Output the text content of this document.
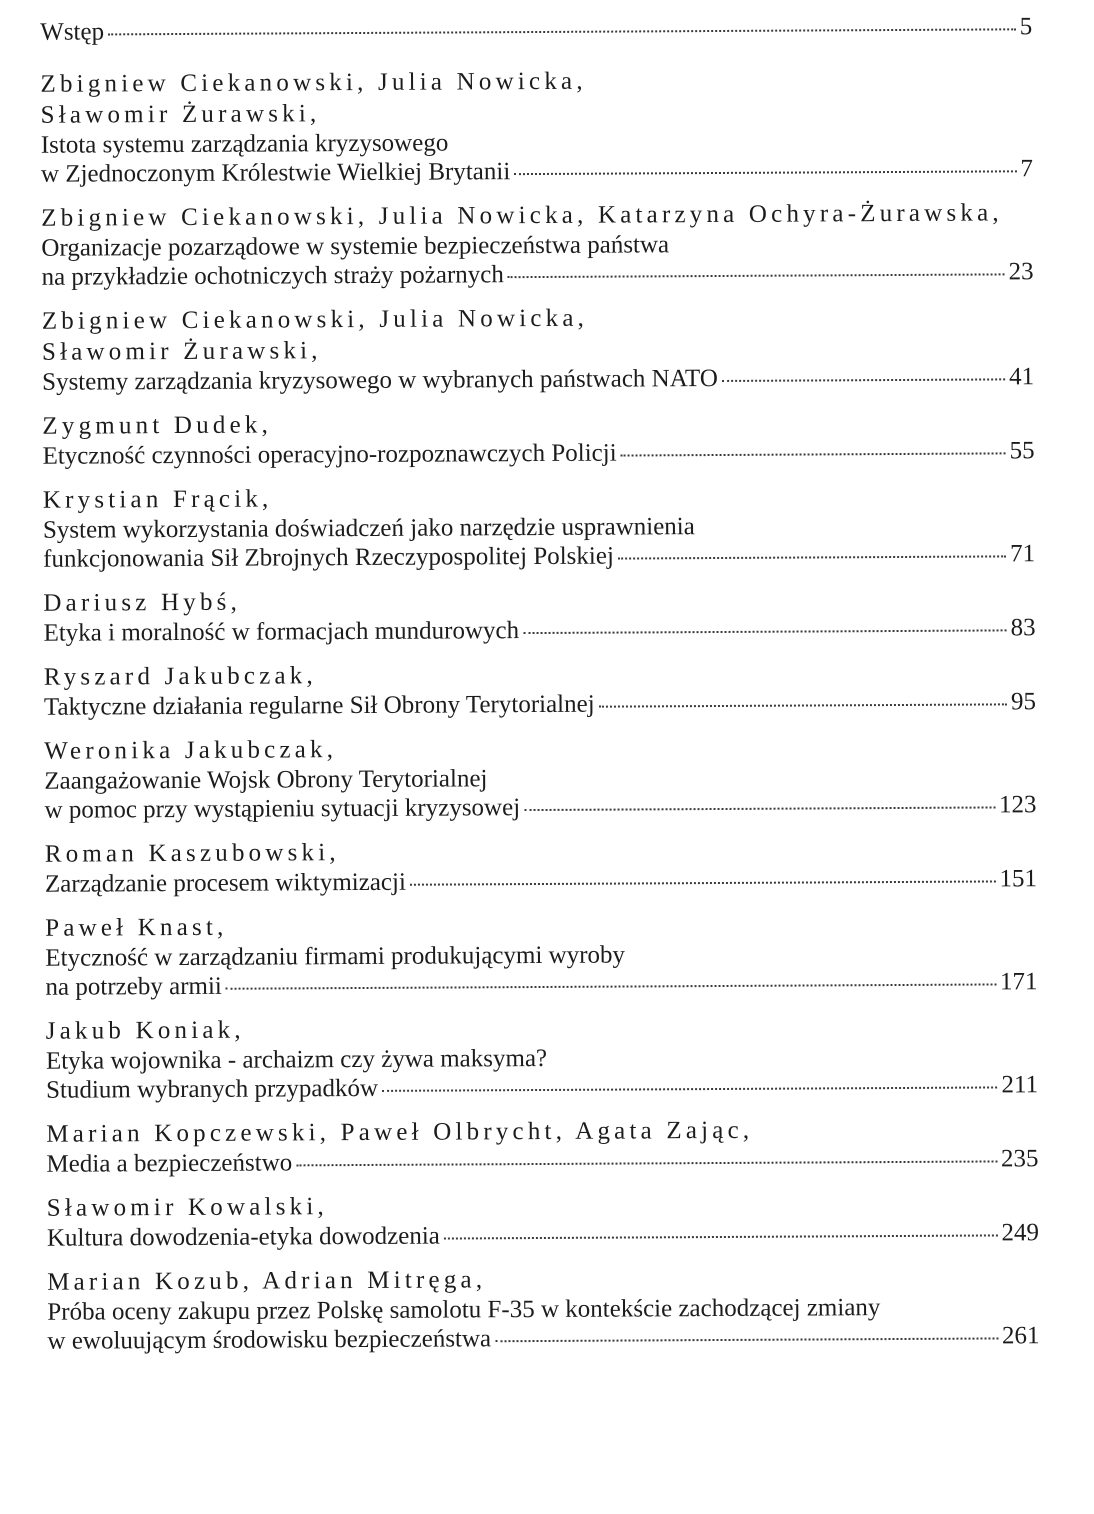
Wstęp	5
Zbigniew Ciekanowski, Julia Nowicka,
Sławomir Żurawski,
Istota systemu zarządzania kryzysowego
w Zjednoczonym Królestwie Wielkiej Brytanii	7
Zbigniew Ciekanowski, Julia Nowicka, Katarzyna Ochyra-Żurawska,
Organizacje pozarządowe w systemie bezpieczeństwa państwa
na przykładzie ochotniczych straży pożarnych	23
Zbigniew Ciekanowski, Julia Nowicka,
Sławomir Żurawski,
Systemy zarządzania kryzysowego w wybranych państwach NATO	41
Zygmunt Dudek,
Etyczność czynności operacyjno-rozpoznawczych Policji	55
Krystian Frącik,
System wykorzystania doświadczeń jako narzędzie usprawnienia
funkcjonowania Sił Zbrojnych Rzeczypospolitej Polskiej	71
Dariusz Hybś,
Etyka i moralność w formacjach mundurowych	83
Ryszard Jakubczak,
Taktyczne działania regularne Sił Obrony Terytorialnej	95
Weronika Jakubczak,
Zaangażowanie Wojsk Obrony Terytorialnej
w pomoc przy wystąpieniu sytuacji kryzysowej	123
Roman Kaszubowski,
Zarządzanie procesem wiktymizacji	151
Paweł Knast,
Etyczność w zarządzaniu firmami produkującymi wyroby
na potrzeby armii	171
Jakub Koniak,
Etyka wojownika - archaizm czy żywa maksyma?
Studium wybranych przypadków	211
Marian Kopczewski, Paweł Olbrycht, Agata Zając,
Media a bezpieczeństwo	235
Sławomir Kowalski,
Kultura dowodzenia-etyka dowodzenia	249
Marian Kozub, Adrian Mitręga,
Próba oceny zakupu przez Polskę samolotu F-35 w kontekście zachodzącej zmiany
w ewoluującym środowisku bezpieczeństwa	261
